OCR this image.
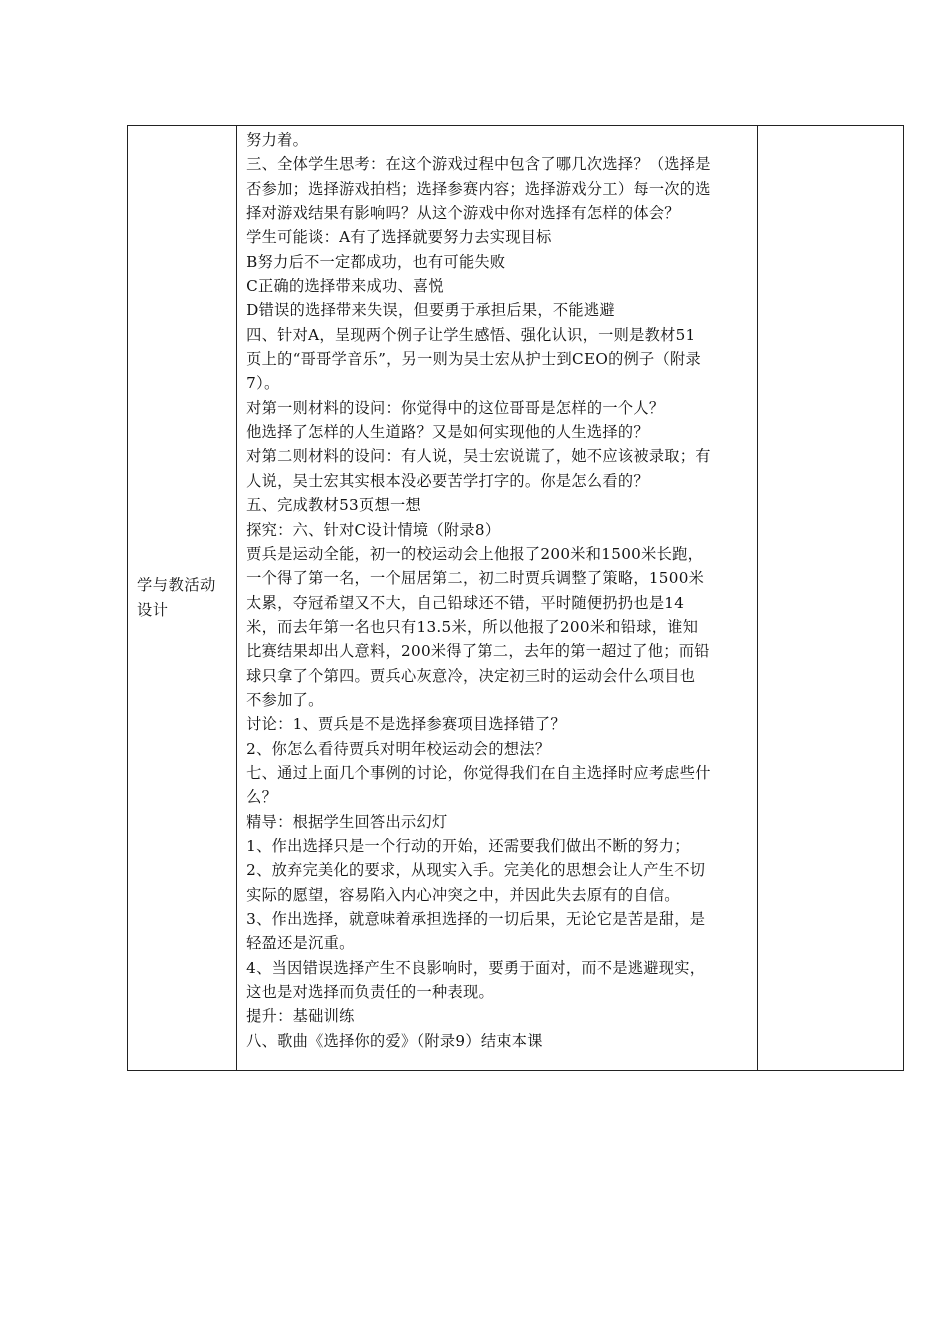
学与教活动设计

努力着。
三、全体学生思考：在这个游戏过程中包含了哪几次选择？（选择是
否参加；选择游戏拍档；选择参赛内容；选择游戏分工）每一次的选
择对游戏结果有影响吗？从这个游戏中你对选择有怎样的体会？
学生可能谈：A有了选择就要努力去实现目标
B努力后不一定都成功，也有可能失败
C正确的选择带来成功、喜悦
D错误的选择带来失误，但要勇于承担后果，不能逃避
四、针对A，呈现两个例子让学生感悟、强化认识，一则是教材51
页上的“哥哥学音乐”，另一则为吴士宏从护士到CEO的例子（附录
7）。
对第一则材料的设问：你觉得中的这位哥哥是怎样的一个人？
他选择了怎样的人生道路？又是如何实现他的人生选择的？
对第二则材料的设问：有人说，吴士宏说谎了，她不应该被录取；有
人说，吴士宏其实根本没必要苦学打字的。你是怎么看的？
五、完成教材53页想一想
探究：六、针对C设计情境（附录8）
贾兵是运动全能，初一的校运动会上他报了200米和1500米长跑，
一个得了第一名，一个屈居第二，初二时贾兵调整了策略，1500米
太累，夺冠希望又不大，自己铅球还不错，平时随便扔扔也是14
米，而去年第一名也只有13.5米，所以他报了200米和铅球，谁知
比赛结果却出人意料，200米得了第二，去年的第一超过了他；而铅
球只拿了个第四。贾兵心灰意冷，决定初三时的运动会什么项目也
不参加了。
讨论：1、贾兵是不是选择参赛项目选择错了？
2、你怎么看待贾兵对明年校运动会的想法？
七、通过上面几个事例的讨论，你觉得我们在自主选择时应考虑些什
么？
精导：根据学生回答出示幻灯
1、作出选择只是一个行动的开始，还需要我们做出不断的努力；
2、放弃完美化的要求，从现实入手。完美化的思想会让人产生不切
实际的愿望，容易陷入内心冲突之中，并因此失去原有的自信。
3、作出选择，就意味着承担选择的一切后果，无论它是苦是甜，是
轻盈还是沉重。
4、当因错误选择产生不良影响时，要勇于面对，而不是逃避现实，
这也是对选择而负责任的一种表现。
提升：基础训练
八、歌曲《选择你的爱》（附录9）结束本课
